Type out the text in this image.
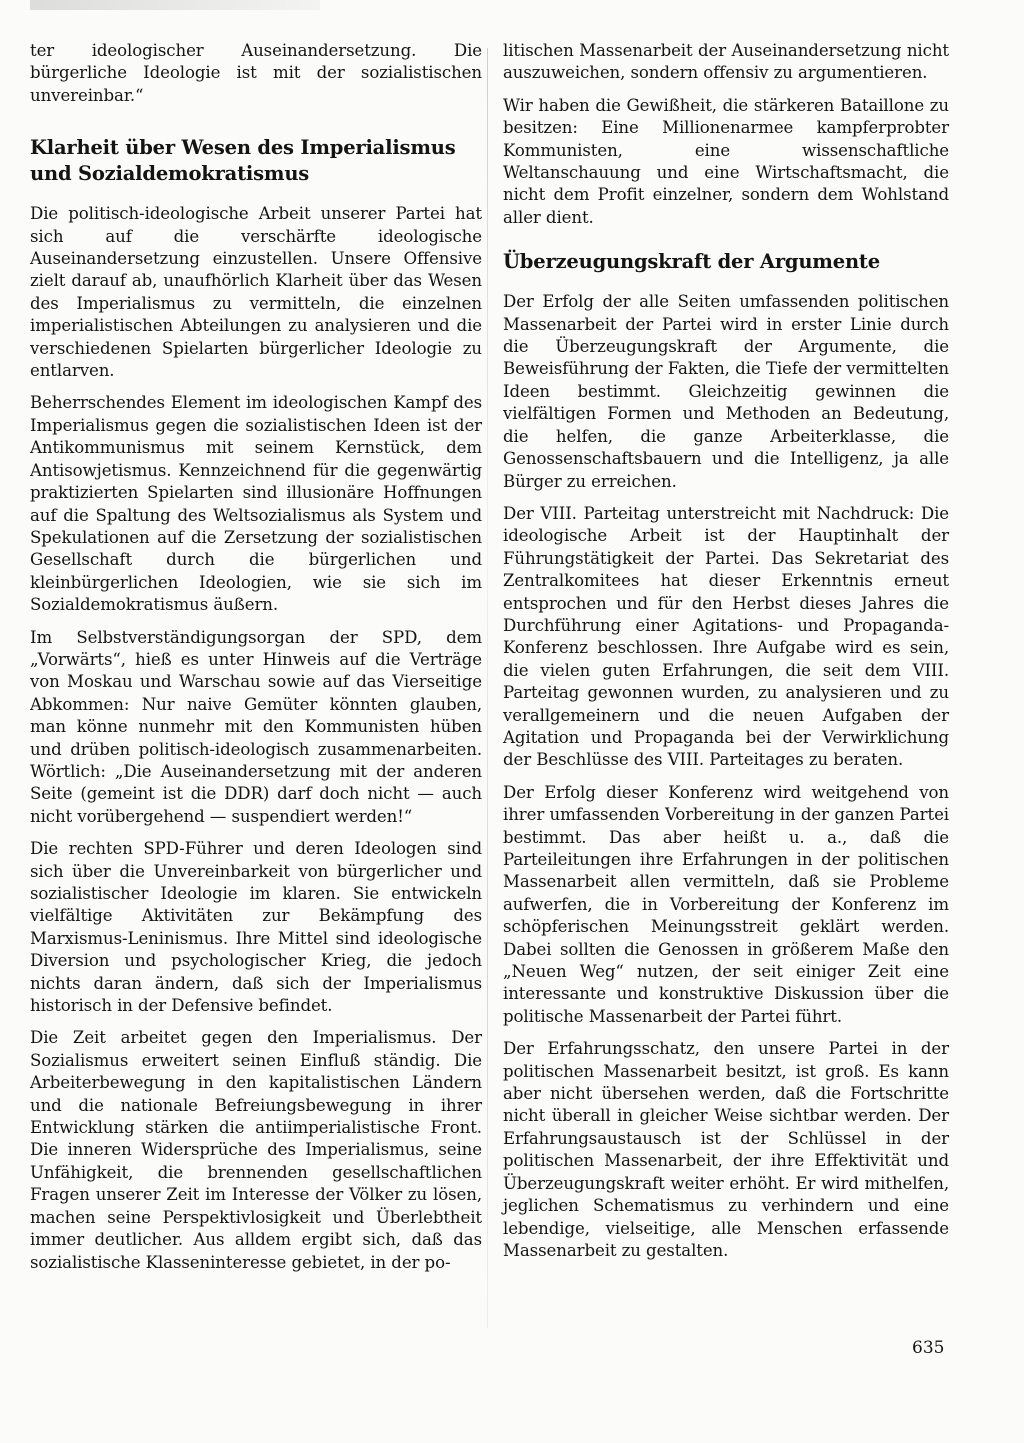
ter ideologischer Auseinandersetzung. Die bürgerliche Ideologie ist mit der sozialistischen unvereinbar.“

Klarheit über Wesen des Imperialismus und Sozialdemokratismus

Die politisch-ideologische Arbeit unserer Partei hat sich auf die verschärfte ideologische Auseinandersetzung einzustellen. Unsere Offensive zielt darauf ab, unaufhörlich Klarheit über das Wesen des Imperialismus zu vermitteln, die einzelnen imperialistischen Abteilungen zu analysieren und die verschiedenen Spielarten bürgerlicher Ideologie zu entlarven.

Beherrschendes Element im ideologischen Kampf des Imperialismus gegen die sozialistischen Ideen ist der Antikommunismus mit seinem Kernstück, dem Antisowjetismus. Kennzeichnend für die gegenwärtig praktizierten Spielarten sind illusionäre Hoffnungen auf die Spaltung des Weltsozialismus als System und Spekulationen auf die Zersetzung der sozialistischen Gesellschaft durch die bürgerlichen und kleinbürgerlichen Ideologien, wie sie sich im Sozialdemokratismus äußern.

Im Selbstverständigungsorgan der SPD, dem „Vorwärts“, hieß es unter Hinweis auf die Verträge von Moskau und Warschau sowie auf das Vierseitige Abkommen: Nur naive Gemüter könnten glauben, man könne nunmehr mit den Kommunisten hüben und drüben politisch-ideologisch zusammenarbeiten. Wörtlich: „Die Auseinandersetzung mit der anderen Seite (gemeint ist die DDR) darf doch nicht — auch nicht vorübergehend — suspendiert werden!“

Die rechten SPD-Führer und deren Ideologen sind sich über die Unvereinbarkeit von bürgerlicher und sozialistischer Ideologie im klaren. Sie entwickeln vielfältige Aktivitäten zur Bekämpfung des Marxismus-Leninismus. Ihre Mittel sind ideologische Diversion und psychologischer Krieg, die jedoch nichts daran ändern, daß sich der Imperialismus historisch in der Defensive befindet.

Die Zeit arbeitet gegen den Imperialismus. Der Sozialismus erweitert seinen Einfluß ständig. Die Arbeiterbewegung in den kapitalistischen Ländern und die nationale Befreiungsbewegung in ihrer Entwicklung stärken die antiimperialistische Front. Die inneren Widersprüche des Imperialismus, seine Unfähigkeit, die brennenden gesellschaftlichen Fragen unserer Zeit im Interesse der Völker zu lösen, machen seine Perspektivlosigkeit und Überlebtheit immer deutlicher. Aus alldem ergibt sich, daß das sozialistische Klasseninteresse gebietet, in der po-

litischen Massenarbeit der Auseinandersetzung nicht auszuweichen, sondern offensiv zu argumentieren.

Wir haben die Gewißheit, die stärkeren Bataillone zu besitzen: Eine Millionenarmee kampferprobter Kommunisten, eine wissenschaftliche Weltanschauung und eine Wirtschaftsmacht, die nicht dem Profit einzelner, sondern dem Wohlstand aller dient.

Überzeugungskraft der Argumente

Der Erfolg der alle Seiten umfassenden politischen Massenarbeit der Partei wird in erster Linie durch die Überzeugungskraft der Argumente, die Beweisführung der Fakten, die Tiefe der vermittelten Ideen bestimmt. Gleichzeitig gewinnen die vielfältigen Formen und Methoden an Bedeutung, die helfen, die ganze Arbeiterklasse, die Genossenschaftsbauern und die Intelligenz, ja alle Bürger zu erreichen.

Der VIII. Parteitag unterstreicht mit Nachdruck: Die ideologische Arbeit ist der Hauptinhalt der Führungstätigkeit der Partei. Das Sekretariat des Zentralkomitees hat dieser Erkenntnis erneut entsprochen und für den Herbst dieses Jahres die Durchführung einer Agitations- und Propaganda-Konferenz beschlossen. Ihre Aufgabe wird es sein, die vielen guten Erfahrungen, die seit dem VIII. Parteitag gewonnen wurden, zu analysieren und zu verallgemeinern und die neuen Aufgaben der Agitation und Propaganda bei der Verwirklichung der Beschlüsse des VIII. Parteitages zu beraten.

Der Erfolg dieser Konferenz wird weitgehend von ihrer umfassenden Vorbereitung in der ganzen Partei bestimmt. Das aber heißt u. a., daß die Parteileitungen ihre Erfahrungen in der politischen Massenarbeit allen vermitteln, daß sie Probleme aufwerfen, die in Vorbereitung der Konferenz im schöpferischen Meinungsstreit geklärt werden. Dabei sollten die Genossen in größerem Maße den „Neuen Weg“ nutzen, der seit einiger Zeit eine interessante und konstruktive Diskussion über die politische Massenarbeit der Partei führt.

Der Erfahrungsschatz, den unsere Partei in der politischen Massenarbeit besitzt, ist groß. Es kann aber nicht übersehen werden, daß die Fortschritte nicht überall in gleicher Weise sichtbar werden. Der Erfahrungsaustausch ist der Schlüssel in der politischen Massenarbeit, der ihre Effektivität und Überzeugungskraft weiter erhöht. Er wird mithelfen, jeglichen Schematismus zu verhindern und eine lebendige, vielseitige, alle Menschen erfassende Massenarbeit zu gestalten.

635
